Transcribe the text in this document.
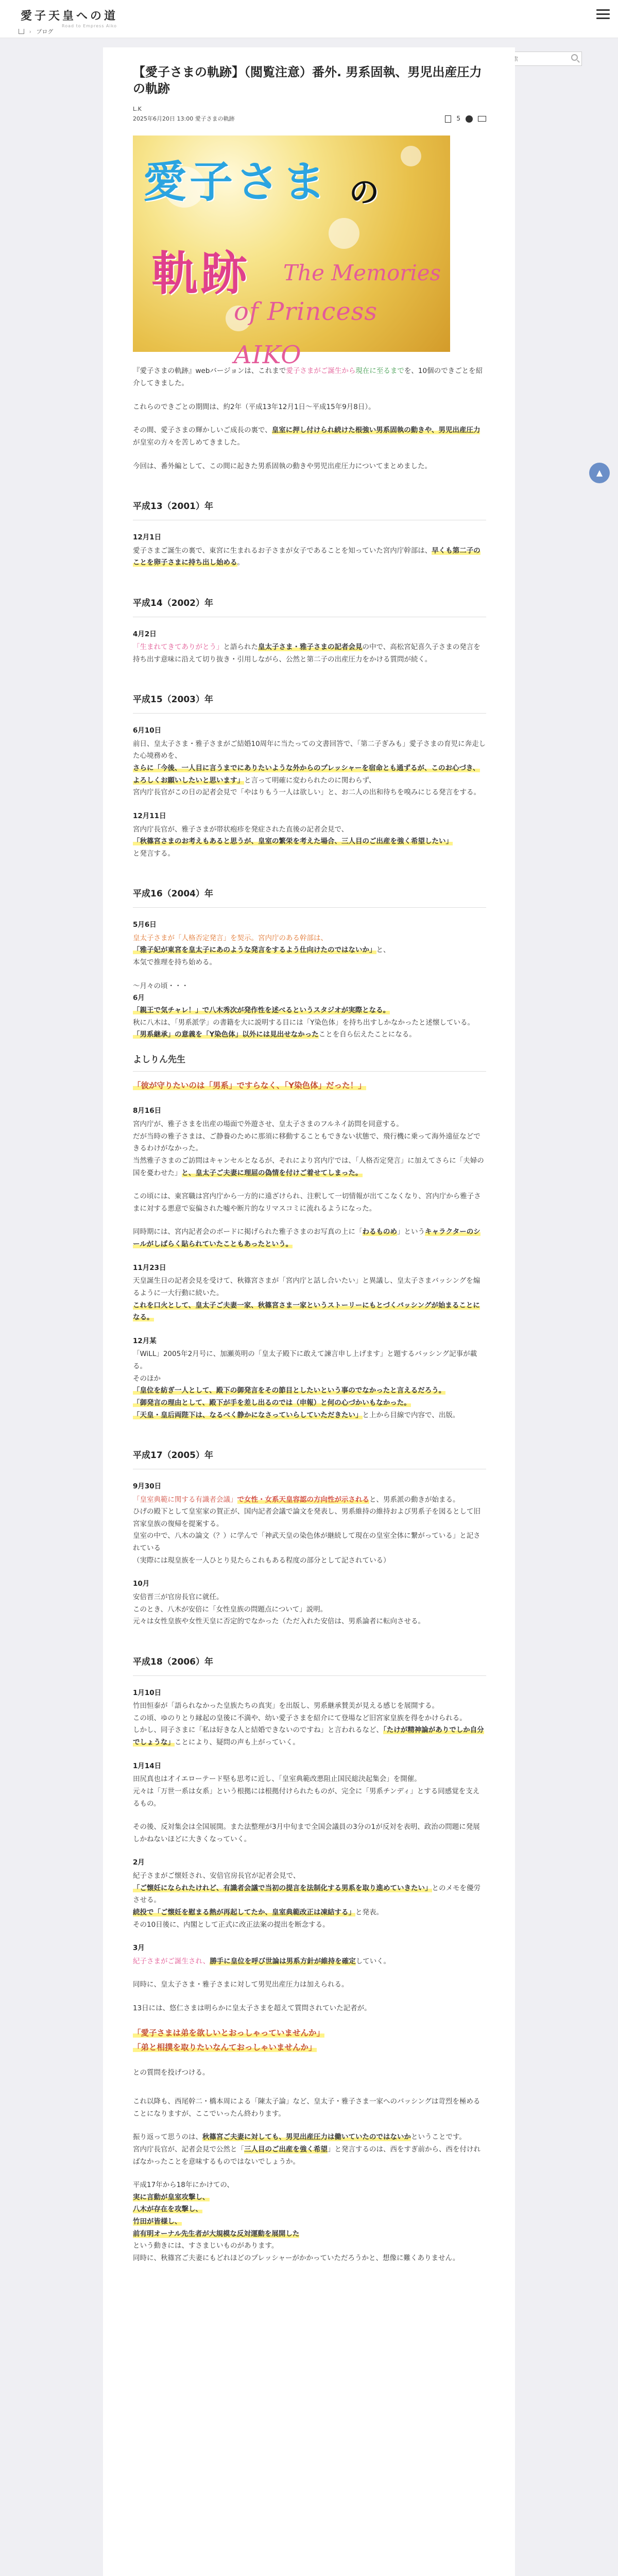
愛子天皇への道
Road to Empress Aiko
› ブログ
キーワード検索
【愛子さまの軌跡】（閲覧注意）番外. 男系固執、男児出産圧力の軌跡
L.K
2025年6月20日 13:00 愛子さまの軌跡	5
愛子さま の
軌跡 The Memories
of Princess AIKO

『愛子さまの軌跡』webバージョンは、これまで愛子さまがご誕生から現在に至るまでを、10個のできごとを紹介してきました。

これらのできごとの期間は、約2年（平成13年12月1日～平成15年9月8日）。

その間、愛子さまの輝かしいご成長の裏で、皇室に押し付けられ続けた根強い男系固執の動きや、男児出産圧力が皇室の方々を苦しめてきました。

今回は、番外編として、この間に起きた男系固執の動きや男児出産圧力についてまとめました。

平成13（2001）年
12月1日

愛子さまご誕生の裏で、東宮に生まれるお子さまが女子であることを知っていた宮内庁幹部は、早くも第二子のことを卵子さまに持ち出し始める。

平成14（2002）年
4月2日

「生まれてきてありがとう」と語られた皇太子さま・雅子さまの記者会見の中で、高松宮妃喜久子さまの発言を持ち出す意味に沿えて切り抜き・引用しながら、公然と第二子の出産圧力をかける質問が続く。

平成15（2003）年
6月10日

前日、皇太子さま・雅子さまがご結婚10周年に当たっての文書回答で、「第二子ぎみも」愛子さまの育児に奔走した心境務めを、
さらに「今後、一人目に言うまでにありたいような外からのプレッシャーを宿命とも通ずるが、このお心づき、よろしくお願いしたいと思います」と言って明確に変わられたのに関わらず、
宮内庁長官がこの日の記者会見で「やはりもう一人は欲しい」と、お二人の出和待ちを嗅みにじる発言をする。

12月11日

宮内庁長官が、雅子さまが帯状疱疹を発症された直後の記者会見で、
「秋篠宮さまのお考えもあると思うが、皇室の繁栄を考えた場合、三人目のご出産を強く希望したい」
と発言する。

平成16（2004）年
5月6日

皇太子さまが「人格否定発言」を契示。宮内庁のある幹部は、
「雅子妃が東宮を皇太子にあのような発言をするよう仕向けたのではないか」と、
本気で推理を持ち始める。

～月々の頃・・・
6月
「親王で気チャレ！」で八木秀次が発作性を述べるというスタジオが実際となる。
秋に八木は、「男系派学」の書籍を大に説明する目には「Y染色体」を持ち出すしかなかったと述懐している。
「男系継承」の意義を「Y染色体」以外には見出せなかったことを自ら伝えたことになる。

よしりん先生
「彼が守りたいのは「男系」ですらなく、「Y染色体」だった！」
8月16日

宮内庁が、雅子さまを出産の場面で外遊させ、皇太子さまのフルネイ訪問を同意する。
だが当時の雅子さまは、ご静養のために那須に移動することもできない状態で、飛行機に乗って海外遠征などできるわけがなかった。
当然雅子さまのご訪問はキャンセルとなるが、それにより宮内庁では、「人格否定発言」に加えてさらに「夫婦の国を憂わせた」と、皇太子ご夫妻に理屈の偽情を付けご着せてしまった。

この頃には、東宮職は宮内庁から一方的に遠ざけられ、注釈して一切情報が出てこなくなり、宮内庁から雅子さまに対する悪意で妄偏された嘘や断片的なリマスコミに流れるようになった。

同時期には、宮内記者会のボードに掲げられた雅子さまのお写真の上に「わるものめ」というキャラクターのシールがしばらく貼られていたこともあったという。

11月23日

天皇誕生日の記者会見を受けて、秋篠宮さまが「宮内庁と話し合いたい」と異議し、皇太子さまバッシングを煽るように一大行動に続いた。
これを口火として、皇太子ご夫妻一家、秋篠宮さま一家というストーリーにもとづくバッシングが始まることになる。

12月某

「WiLL」2005年2月号に、加瀬英明の「皇太子殿下に敢えて諫言申し上げます」と題するバッシング記事が載る。
そのほか
「皇位を紡ぎ一人として、殿下の御発言をその節目としたいという事のでなかったと言えるだろう。
「御発言の理由として、殿下が手を差し出るのでは（申報）と何の心づかいもなかった。
「天皇・皇后両陛下は、なるべく静かになさっていらしていただきたい」と上から目線で内容で、出版。

平成17（2005）年
9月30日

「皇室典範に関する有識者会議」で女性・女系天皇容認の方向性が示されると、男系派の動きが始まる。
ひげの殿下として皇室家の賀正が、国内記者会議で論文を発表し、男系維持の維持および男系子を図るとして旧宮家皇族の復帰を提案する。
皇室の中で、八木の論文（？）に学んで「神武天皇の染色体が継続して現在の皇室全体に繋がっている」と記されている
（実際には現皇族を一人ひとり見たらこれもある程度の部分として記されている）

10月

安倍晋三が官房長官に就任。
このとき、八木が安倍に「女性皇族の問題点について」説明。
元々は女性皇族や女性天皇に否定的でなかった（ただ入れた安倍は、男系論者に転向させる。

平成18（2006）年
1月10日

竹田恒泰が「語られなかった皇族たちの真実」を出版し、男系継承賛美が見える感じを展開する。
この頃、ゆのりとり縁起の皇後に不満や、幼い愛子さまを紹介にて登場など旧宮家皇族を得をかけられる。
しかし、同子さまに「私は好きな人と結婚できないのですね」と言われるなど、「たけが精神論がありでしか自分でしょうな」ことにより、疑問の声も上がっていく。

1月14日

田尻真也は才イエローテード堅も思考に近し、「皇室典範改悪阻止国民総決起集会」を開催。
元々は「万世一系は女系」という根拠には根拠付けられたものが、完全に「男系チンディ」とする同感覚を支えるもの。

その後、反対集会は全国展開。また法整理が3月中旬まで全国会議員の3分の1が反対を表明、政治の問題に発展しかねないほどに大きくなっていく。

2月

紀子さまがご懐妊され、安倍官房長官が記者会見で、
「ご懐妊になられたけれど、有識者会議で当初の提言を法制化する男系を取り進めていきたい」とのメモを優労させる。
続投で「ご懐妊を慰まる熱が再起してたか、皇室典範改正は凍結する」と発表。
その10日後に、内閣として正式に改正法案の提出を断念する。

3月

紀子さまがご誕生され、勝手に皇位を呼び世論は男系方針が維持を確定していく。

同時に、皇太子さま・雅子さまに対して男児出産圧力は加えられる。

13日には、悠仁さまは明らかに皇太子さまを超えて質問されていた記者が。

「愛子さまは弟を欲しいとおっしゃっていませんか」
「弟と相撲を取りたいなんておっしゃいませんか」

との質問を投げつける。

これ以降も、西尾幹二・橋本周による「陳太子論」など、皇太子・雅子さま一家へのバッシングは苛烈を極めることになりますが、ここでいったん終わります。

振り返って思うのは、秋篠宮ご夫妻に対しても、男児出産圧力は働いていたのではないかということです。
宮内庁長官が、記者会見で公然と「三人目のご出産を強く希望」と発言するのは、西をすぎ前から、西を付ければなかったことを意味するものではないでしょうか。

平成17年から18年にかけての、
実に言動が皇室攻撃し、
八木が存在を攻撃し、
竹田が皆様し、
前有明オーナル先生者が大規模な反対運動を展開した
という動きには、すさまじいものがあります。
同時に、秋篠宮ご夫妻にもどれほどのプレッシャーがかかっていただろうかと、想像に難くありません。

▲
